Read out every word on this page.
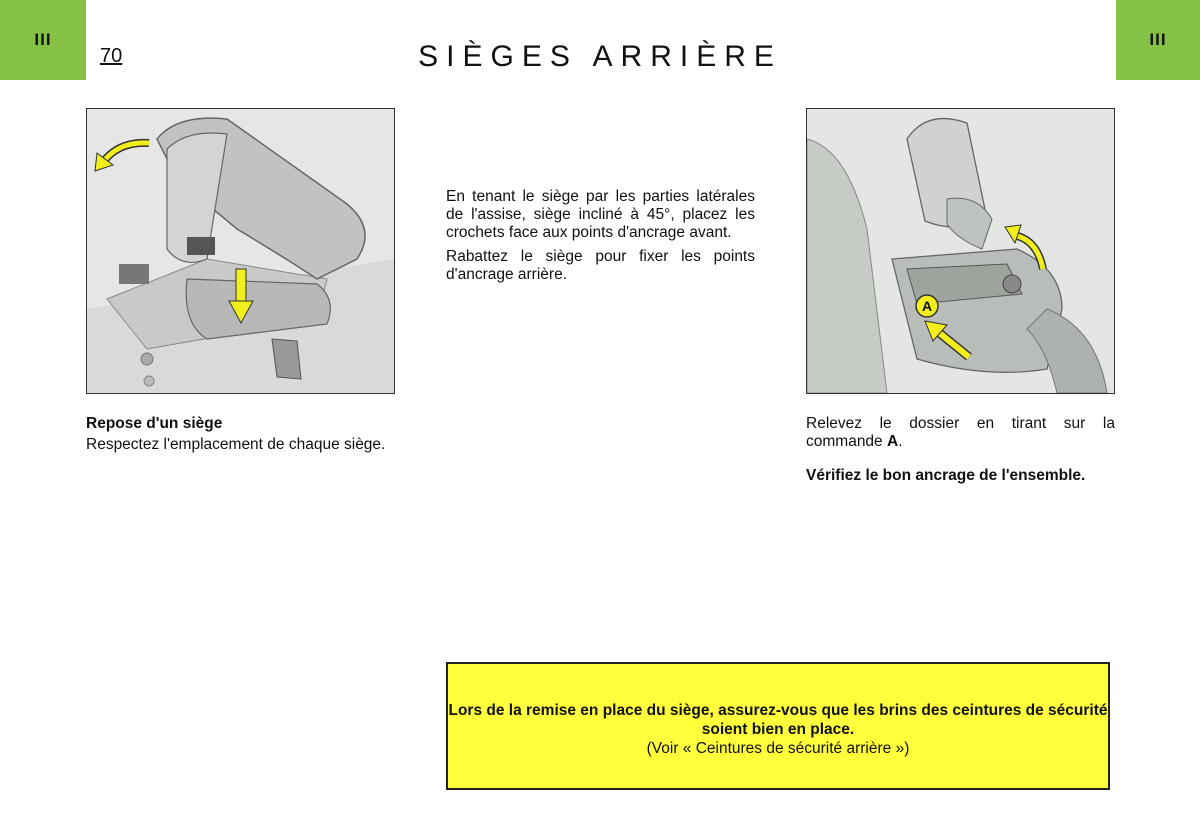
III
70	SIÈGES ARRIÈRE
III

En tenant le siège par les parties latérales de l'assise, siège incliné à 45°, placez les crochets face aux points d'ancrage avant.

Rabattez le siège pour fixer les points d'ancrage arrière.

A

Repose d'un siège

Respectez l'emplacement de chaque siège.

Relevez le dossier en tirant sur la commande A.

Vérifiez le bon ancrage de l'ensemble.

Lors de la remise en place du siège, assurez-vous que les brins des ceintures de sécurité soient bien en place.
(Voir « Ceintures de sécurité arrière »)
